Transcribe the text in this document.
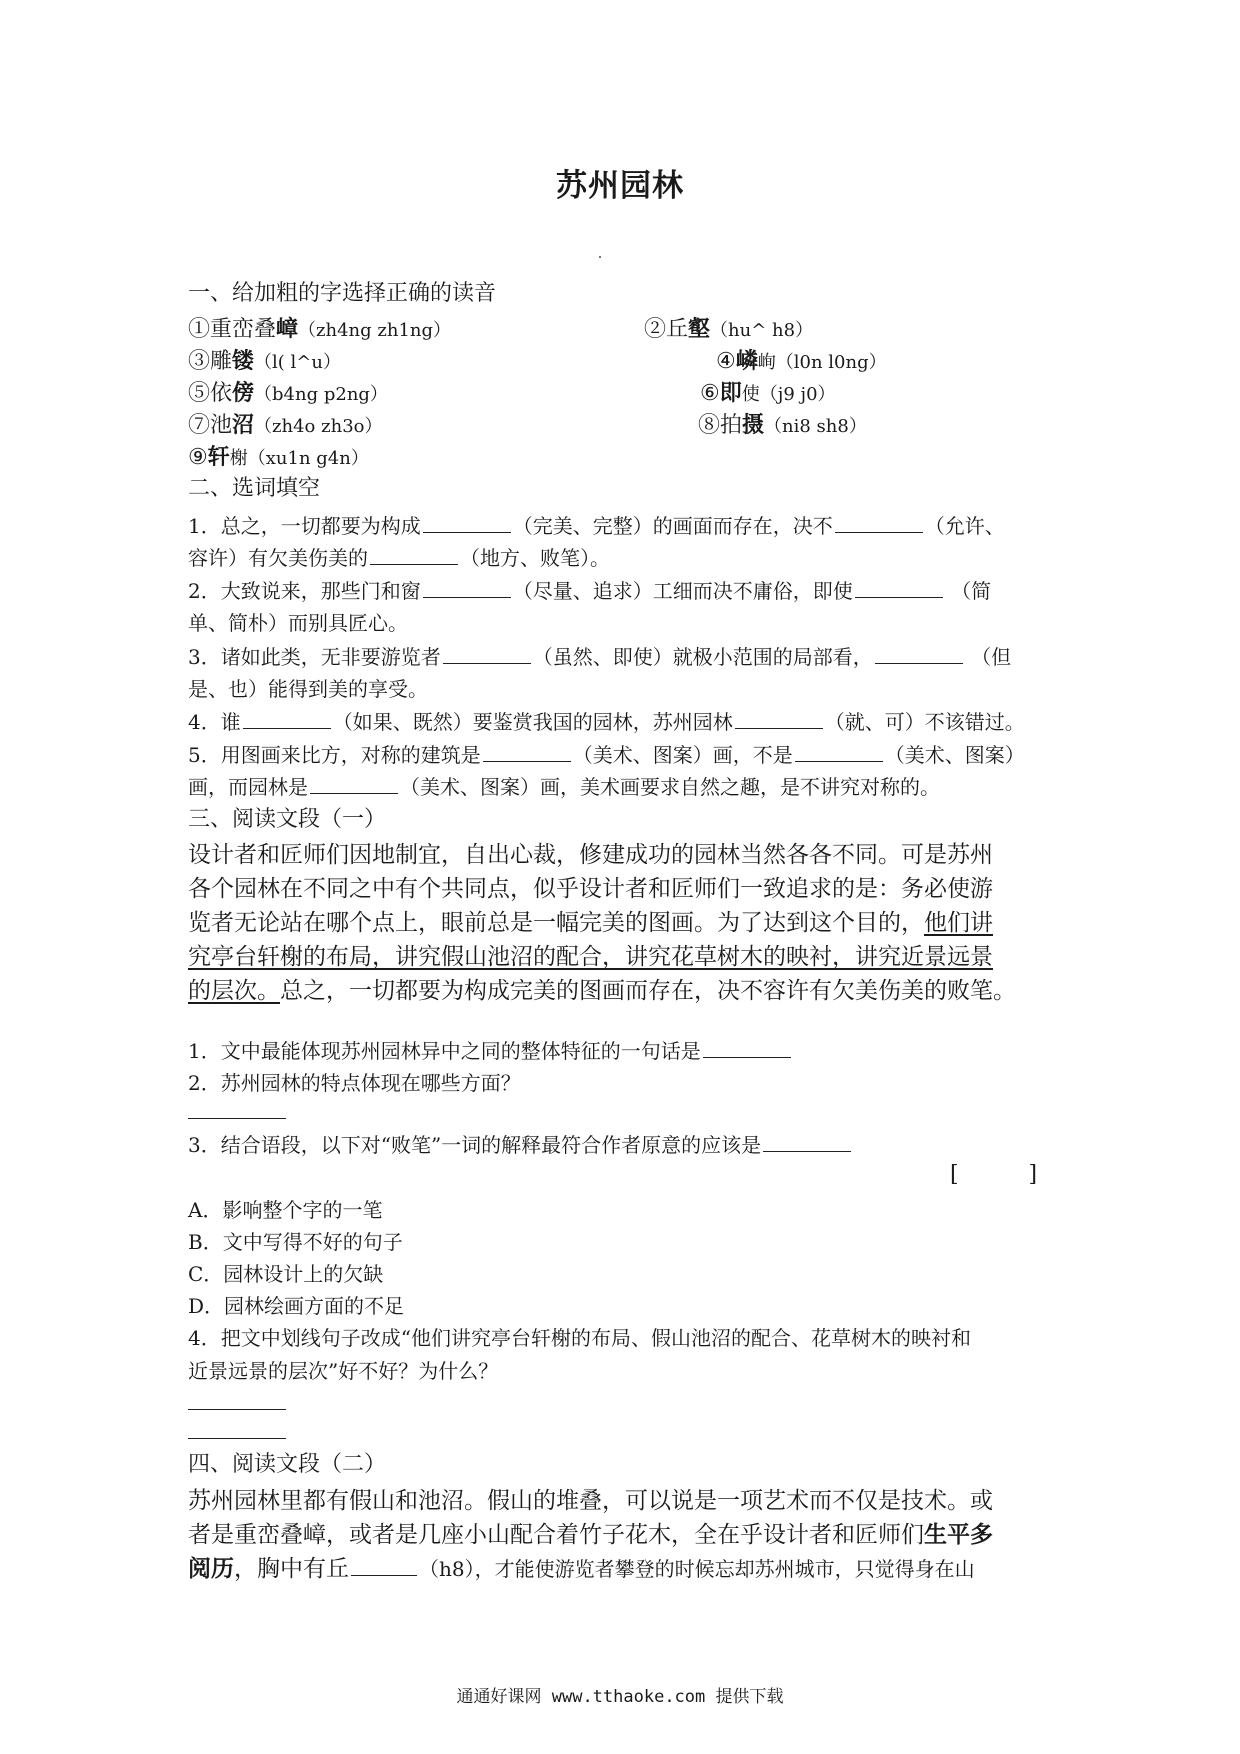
苏州园林
一、给加粗的字选择正确的读音
①重峦叠嶂（zh4ng zh1ng）	②丘壑（hu^ h8）
③雕镂（l( l^u）	④嶙峋（l0n l0ng）
⑤依傍（b4ng p2ng）	⑥即使（j9 j0）
⑦池沼（zh4o zh3o）	⑧拍摄（ni8 sh8）
⑨轩榭（xu1n g4n）
二、选词填空
1．总之，一切都要为构成	（完美、完整）的画面而存在，决不	（允许、
容许）有欠美伤美的	（地方、败笔）。
2．大致说来，那些门和窗	（尽量、追求）工细而决不庸俗，即使	（简
单、简朴）而别具匠心。
3．诸如此类，无非要游览者	（虽然、即使）就极小范围的局部看，	（但
是、也）能得到美的享受。
4．谁	（如果、既然）要鉴赏我国的园林，苏州园林	（就、可）不该错过。
5．用图画来比方，对称的建筑是	（美术、图案）画，不是	（美术、图案）
画，而园林是	（美术、图案）画，美术画要求自然之趣，是不讲究对称的。
三、阅读文段（一）
设计者和匠师们因地制宜，自出心裁，修建成功的园林当然各各不同。可是苏州
各个园林在不同之中有个共同点，似乎设计者和匠师们一致追求的是：务必使游
览者无论站在哪个点上，眼前总是一幅完美的图画。为了达到这个目的，他们讲
究亭台轩榭的布局，讲究假山池沼的配合，讲究花草树木的映衬，讲究近景远景
的层次。总之，一切都要为构成完美的图画而存在，决不容许有欠美伤美的败笔。
1．文中最能体现苏州园林异中之同的整体特征的一句话是
2．苏州园林的特点体现在哪些方面？
3．结合语段，以下对“败笔”一词的解释最符合作者原意的应该是
[          ]
A．影响整个字的一笔
B．文中写得不好的句子
C．园林设计上的欠缺
D．园林绘画方面的不足
4．把文中划线句子改成“他们讲究亭台轩榭的布局、假山池沼的配合、花草树木的映衬和
近景远景的层次”好不好？为什么？
四、阅读文段（二）
苏州园林里都有假山和池沼。假山的堆叠，可以说是一项艺术而不仅是技术。或
者是重峦叠嶂，或者是几座小山配合着竹子花木，全在乎设计者和匠师们生平多
阅历，胸中有丘	（h8），才能使游览者攀登的时候忘却苏州城市，只觉得身在山
通通好课网 www.tthaoke.com 提供下载
